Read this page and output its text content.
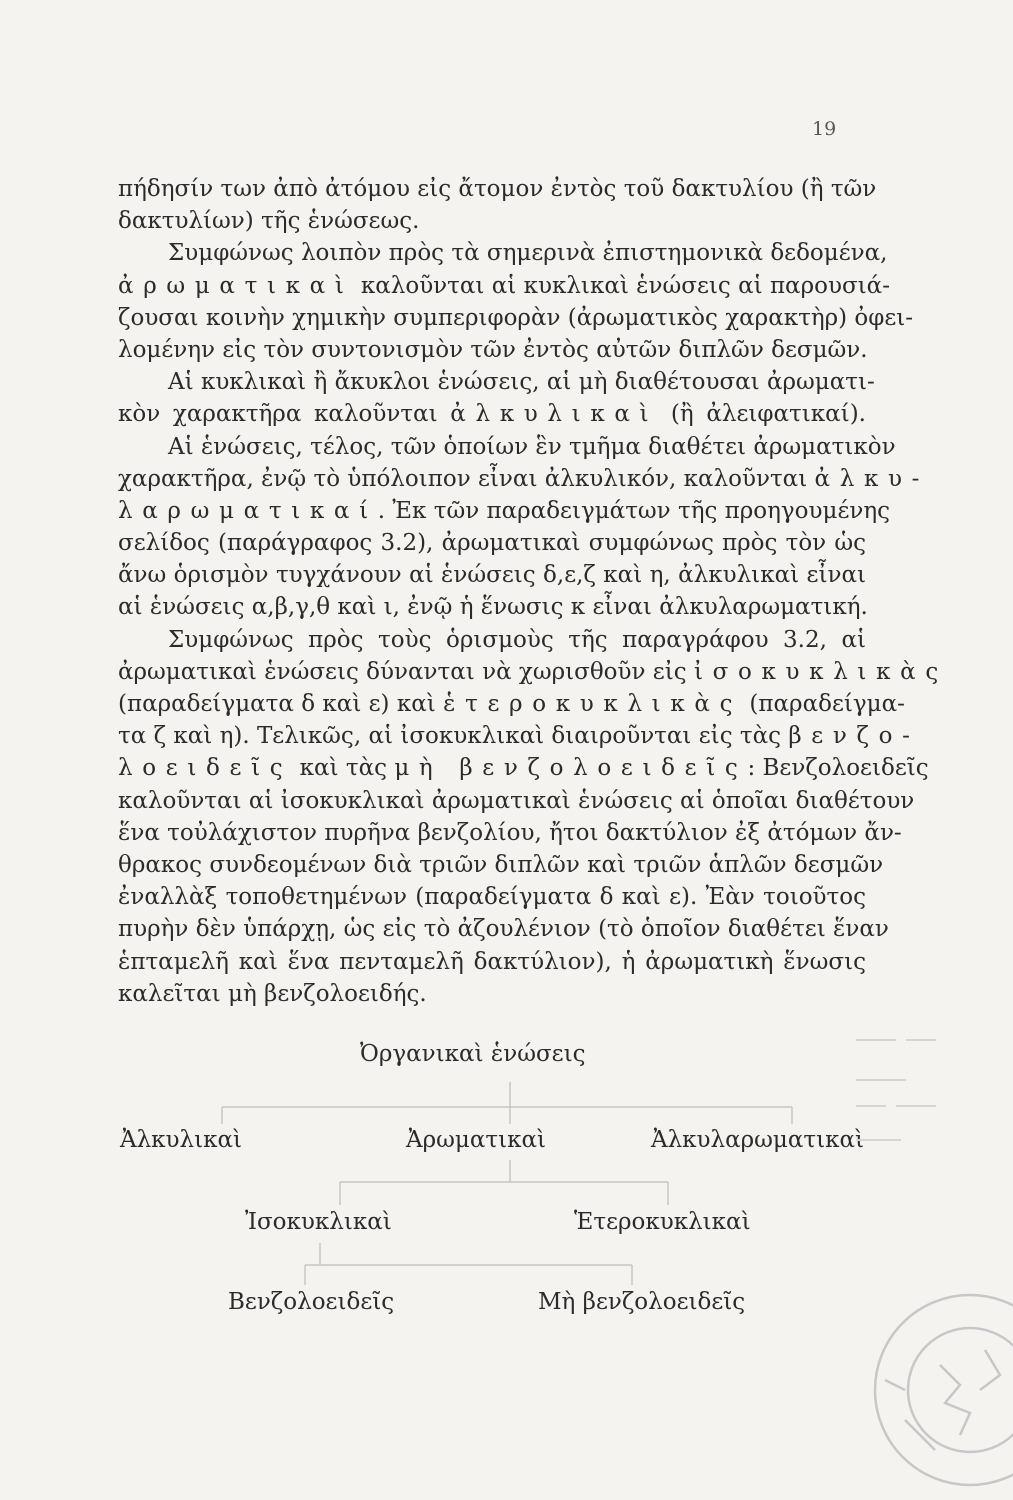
19
πήδησίν των ἀπὸ ἀτόμου εἰς ἄτομον ἐντὸς τοῦ δακτυλίου (ἢ τῶν
δακτυλίων) τῆς ἑνώσεως.
Συμφώνως λοιπὸν πρὸς τὰ σημερινὰ ἐπιστημονικὰ δεδομένα,
ἀρωματικαὶ καλοῦνται αἱ κυκλικαὶ ἑνώσεις αἱ παρουσιά-
ζουσαι κοινὴν χημικὴν συμπεριφορὰν (ἀρωματικὸς χαρακτὴρ) ὀφει-
λομένην εἰς τὸν συντονισμὸν τῶν ἐντὸς αὐτῶν διπλῶν δεσμῶν.
Αἱ κυκλικαὶ ἢ ἄκυκλοι ἑνώσεις, αἱ μὴ διαθέτουσαι ἀρωματι-
κὸν χαρακτῆρα καλοῦνται ἀλκυλικαὶ (ἢ ἀλειφατικαί).
Αἱ ἑνώσεις, τέλος, τῶν ὁποίων ἓν τμῆμα διαθέτει ἀρωματικὸν
χαρακτῆρα, ἐνῷ τὸ ὑπόλοιπον εἶναι ἀλκυλικόν, καλοῦνται ἀλκυ-
λαρωματικαί. Ἐκ τῶν παραδειγμάτων τῆς προηγουμένης
σελίδος (παράγραφος 3.2), ἀρωματικαὶ συμφώνως πρὸς τὸν ὡς
ἄνω ὁρισμὸν τυγχάνουν αἱ ἑνώσεις δ,ε,ζ καὶ η, ἀλκυλικαὶ εἶναι
αἱ ἑνώσεις α,β,γ,θ καὶ ι, ἐνῷ ἡ ἕνωσις κ εἶναι ἀλκυλαρωματική.
Συμφώνως πρὸς τοὺς ὁρισμοὺς τῆς παραγράφου 3.2, αἱ
ἀρωματικαὶ ἑνώσεις δύνανται νὰ χωρισθοῦν εἰς ἰσοκυκλικὰς
(παραδείγματα δ καὶ ε) καὶ ἑτεροκυκλικὰς (παραδείγμα-
τα ζ καὶ η). Τελικῶς, αἱ ἰσοκυκλικαὶ διαιροῦνται εἰς τὰς βενζο-
λοειδεῖς καὶ τὰς μὴ βενζολοειδεῖς: Βενζολοειδεῖς
καλοῦνται αἱ ἰσοκυκλικαὶ ἀρωματικαὶ ἑνώσεις αἱ ὁποῖαι διαθέτουν
ἕνα τοὐλάχιστον πυρῆνα βενζολίου, ἤτοι δακτύλιον ἐξ ἀτόμων ἄν-
θρακος συνδεομένων διὰ τριῶν διπλῶν καὶ τριῶν ἁπλῶν δεσμῶν
ἐναλλὰξ τοποθετημένων (παραδείγματα δ καὶ ε). Ἐὰν τοιοῦτος
πυρὴν δὲν ὑπάρχῃ, ὡς εἰς τὸ ἀζουλένιον (τὸ ὁποῖον διαθέτει ἕναν
ἑπταμελῆ καὶ ἕνα πενταμελῆ δακτύλιον), ἡ ἀρωματικὴ ἕνωσις
καλεῖται μὴ βενζολοειδής.
Ὀργανικαὶ ἑνώσεις
Ἀλκυλικαὶ	Ἀρωματικαὶ	Ἀλκυλαρωματικαὶ
Ἰσοκυκλικαὶ	Ἑτεροκυκλικαὶ
Βενζολοειδεῖς	Μὴ βενζολοειδεῖς
